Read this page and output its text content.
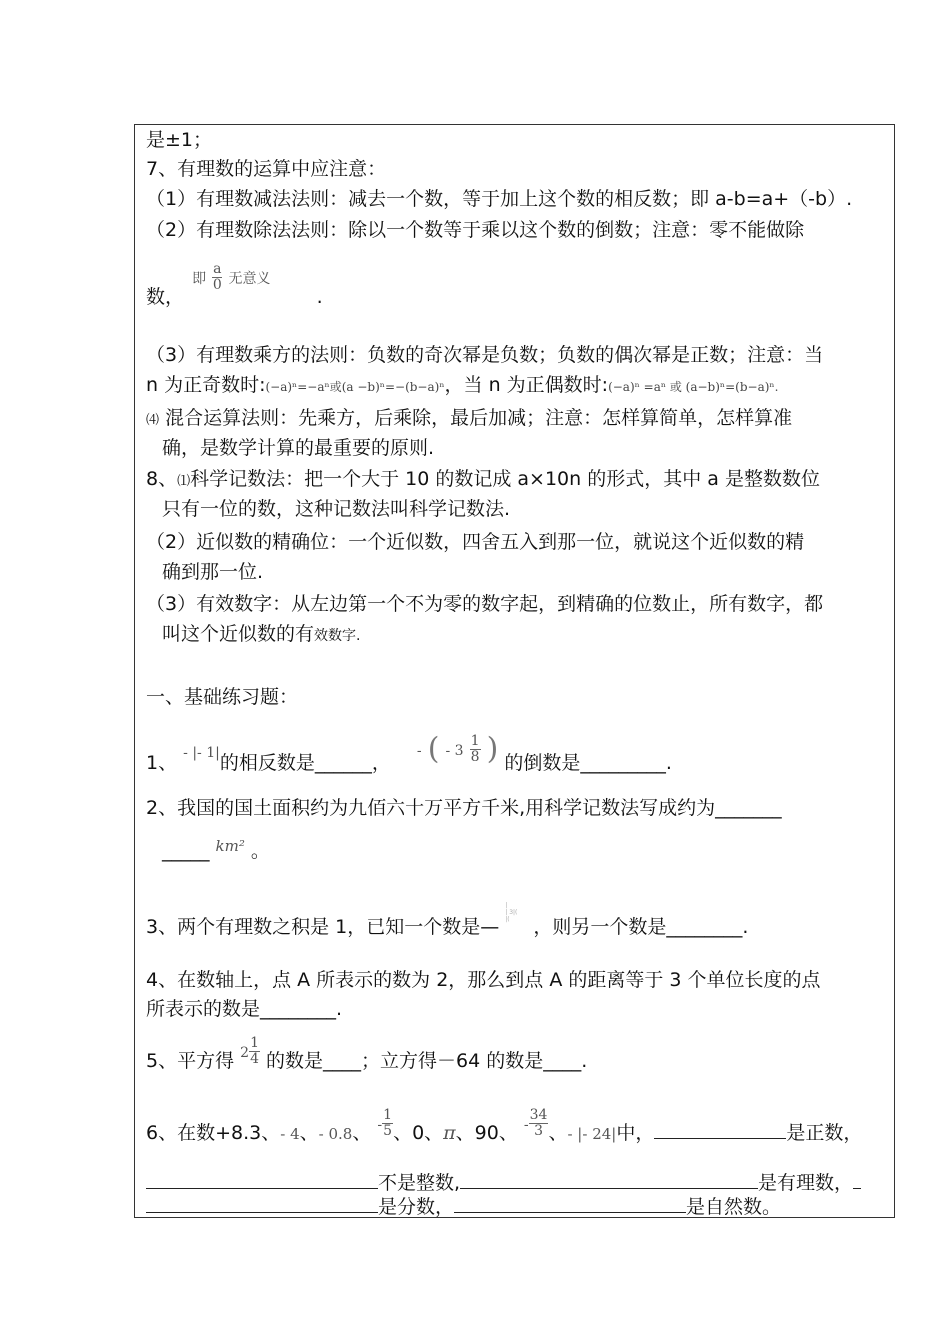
是±1；
7、有理数的运算中应注意：
（1）有理数减法法则：减去一个数，等于加上这个数的相反数；即 a-b=a+（-b）.
（2）有理数除法法则：除以一个数等于乘以这个数的倒数；注意：零不能做除
数， 即 $\frac{a}{0}$ 无意义 .
（3）有理数乘方的法则：负数的奇次幂是负数；负数的偶次幂是正数；注意：当
n 为正奇数时:(−a)ⁿ=−aⁿ或(a −b)ⁿ=−(b−a)ⁿ，当 n 为正偶数时:(−a)ⁿ =aⁿ 或 (a−b)ⁿ=(b−a)ⁿ.
⑷ 混合运算法则：先乘方，后乘除，最后加减；注意：怎样算简单，怎样算准
确，是数学计算的最重要的原则.
8、⑴科学记数法：把一个大于 10 的数记成 a×10n 的形式，其中 a 是整数数位
只有一位的数，这种记数法叫科学记数法.
（2）近似数的精确位：一个近似数，四舍五入到那一位，就说这个近似数的精
确到那一位.
（3）有效数字：从左边第一个不为零的数字起，到精确的位数止，所有数字，都
叫这个近似数的有效数字.
一、基础练习题：
1、 $^{- |- 1|}$的相反数是______， - ( - $3 \frac{1}{8}$ ) 的倒数是_________.
2、我国的国土面积约为九佰六十万平方千米,用科学记数法写成约为_______
_____ $^{km^2}$ 。
3、两个有理数之积是 1，已知一个数是— |
| 3|(
|( ，则另一个数是________.
4、在数轴上，点 A 所表示的数为 2，那么到点 A 的距离等于 3 个单位长度的点
所表示的数是________.
5、平方得 $2 \frac{1}{4}$ 的数是____；立方得－64 的数是____.
6、在数+8.3、- 4、- 0.8、 - $\frac{1}{5}$ 、0、π、90、 - $\frac{34}{3}$ 、- |- 24|中，	是正数，
不是整数,	是有理数，
是分数，	是自然数。
